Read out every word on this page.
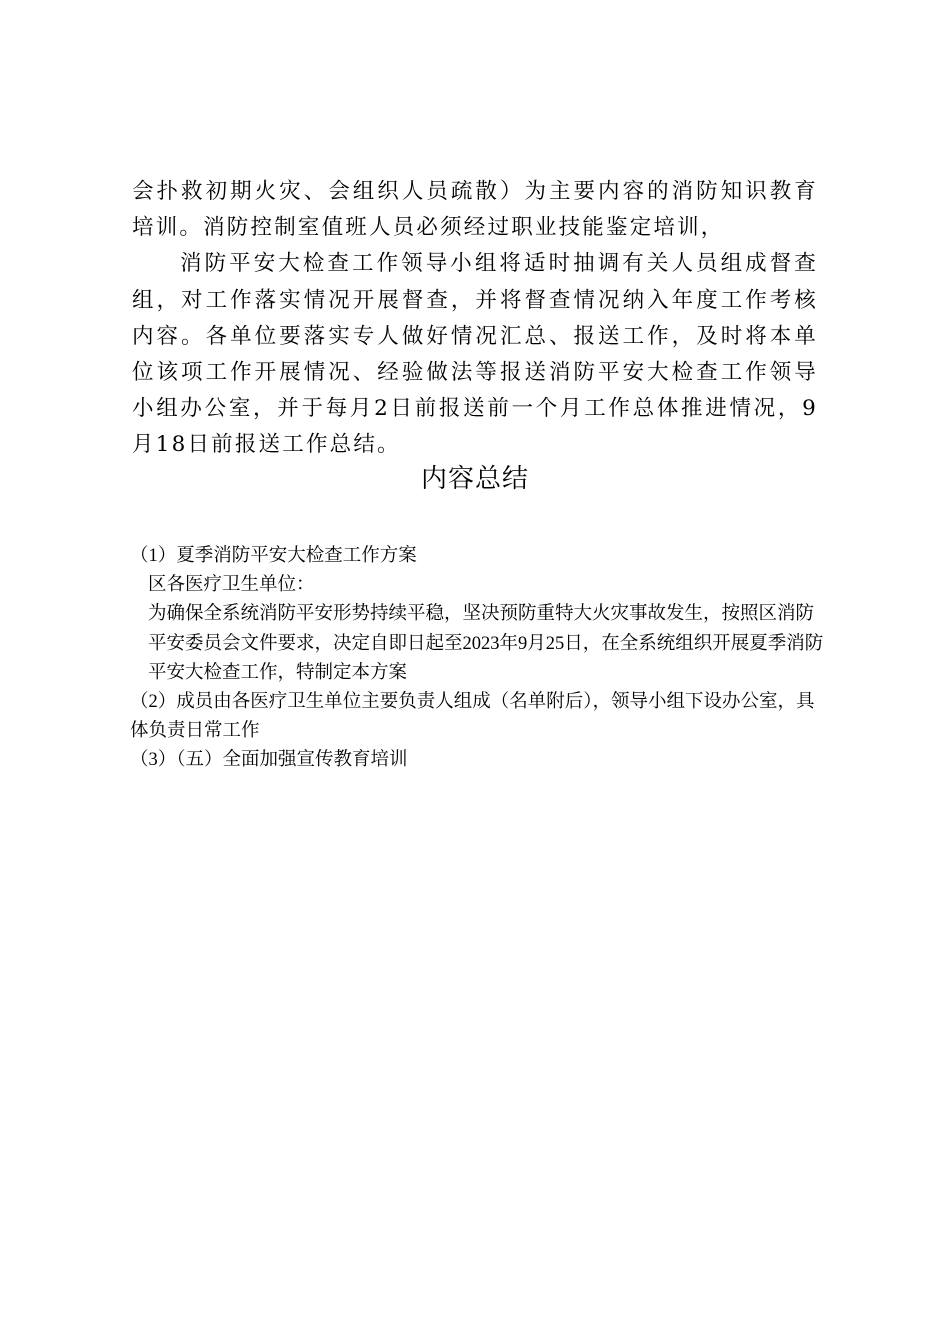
会扑救初期火灾、会组织人员疏散）为主要内容的消防知识教育培训。消防控制室值班人员必须经过职业技能鉴定培训，

消防平安大检查工作领导小组将适时抽调有关人员组成督查组，对工作落实情况开展督查，并将督查情况纳入年度工作考核内容。各单位要落实专人做好情况汇总、报送工作，及时将本单位该项工作开展情况、经验做法等报送消防平安大检查工作领导小组办公室，并于每月2日前报送前一个月工作总体推进情况，9月18日前报送工作总结。

内容总结

（1）夏季消防平安大检查工作方案

区各医疗卫生单位：

为确保全系统消防平安形势持续平稳，坚决预防重特大火灾事故发生，按照区消防平安委员会文件要求，决定自即日起至2023年9月25日，在全系统组织开展夏季消防平安大检查工作，特制定本方案

（2）成员由各医疗卫生单位主要负责人组成（名单附后），领导小组下设办公室，具体负责日常工作

（3）（五）全面加强宣传教育培训
